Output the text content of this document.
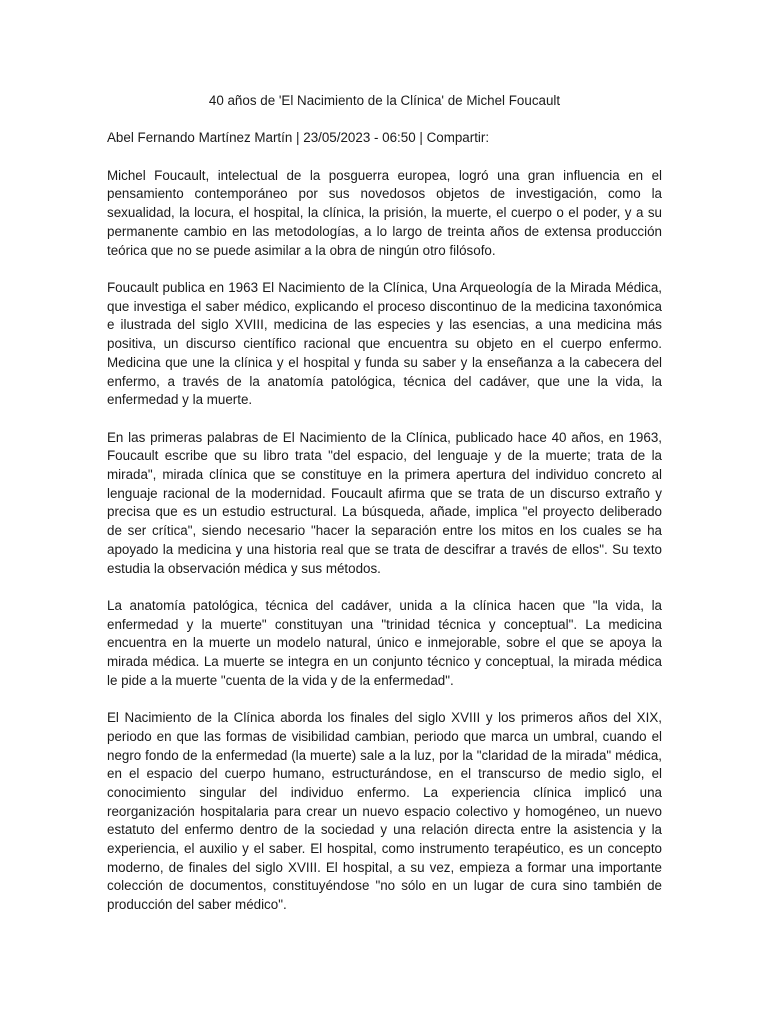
40 años de 'El Nacimiento de la Clínica' de Michel Foucault

Abel Fernando Martínez Martín | 23/05/2023 - 06:50 | Compartir:

Michel Foucault, intelectual de la posguerra europea, logró una gran influencia en el pensamiento contemporáneo por sus novedosos objetos de investigación, como la sexualidad, la locura, el hospital, la clínica, la prisión, la muerte, el cuerpo o el poder, y a su permanente cambio en las metodologías, a lo largo de treinta años de extensa producción teórica que no se puede asimilar a la obra de ningún otro filósofo.

Foucault publica en 1963 El Nacimiento de la Clínica, Una Arqueología de la Mirada Médica, que investiga el saber médico, explicando el proceso discontinuo de la medicina taxonómica e ilustrada del siglo XVIII, medicina de las especies y las esencias, a una medicina más positiva, un discurso científico racional que encuentra su objeto en el cuerpo enfermo. Medicina que une la clínica y el hospital y funda su saber y la enseñanza a la cabecera del enfermo, a través de la anatomía patológica, técnica del cadáver, que une la vida, la enfermedad y la muerte.

En las primeras palabras de El Nacimiento de la Clínica, publicado hace 40 años, en 1963, Foucault escribe que su libro trata "del espacio, del lenguaje y de la muerte; trata de la mirada", mirada clínica que se constituye en la primera apertura del individuo concreto al lenguaje racional de la modernidad. Foucault afirma que se trata de un discurso extraño y precisa que es un estudio estructural. La búsqueda, añade, implica "el proyecto deliberado de ser crítica", siendo necesario "hacer la separación entre los mitos en los cuales se ha apoyado la medicina y una historia real que se trata de descifrar a través de ellos". Su texto estudia la observación médica y sus métodos.

La anatomía patológica, técnica del cadáver, unida a la clínica hacen que "la vida, la enfermedad y la muerte" constituyan una "trinidad técnica y conceptual". La medicina encuentra en la muerte un modelo natural, único e inmejorable, sobre el que se apoya la mirada médica. La muerte se integra en un conjunto técnico y conceptual, la mirada médica le pide a la muerte "cuenta de la vida y de la enfermedad".

El Nacimiento de la Clínica aborda los finales del siglo XVIII y los primeros años del XIX, periodo en que las formas de visibilidad cambian, periodo que marca un umbral, cuando el negro fondo de la enfermedad (la muerte) sale a la luz, por la "claridad de la mirada" médica, en el espacio del cuerpo humano, estructurándose, en el transcurso de medio siglo, el conocimiento singular del individuo enfermo. La experiencia clínica implicó una reorganización hospitalaria para crear un nuevo espacio colectivo y homogéneo, un nuevo estatuto del enfermo dentro de la sociedad y una relación directa entre la asistencia y la experiencia, el auxilio y el saber. El hospital, como instrumento terapéutico, es un concepto moderno, de finales del siglo XVIII. El hospital, a su vez, empieza a formar una importante colección de documentos, constituyéndose "no sólo en un lugar de cura sino también de producción del saber médico".
